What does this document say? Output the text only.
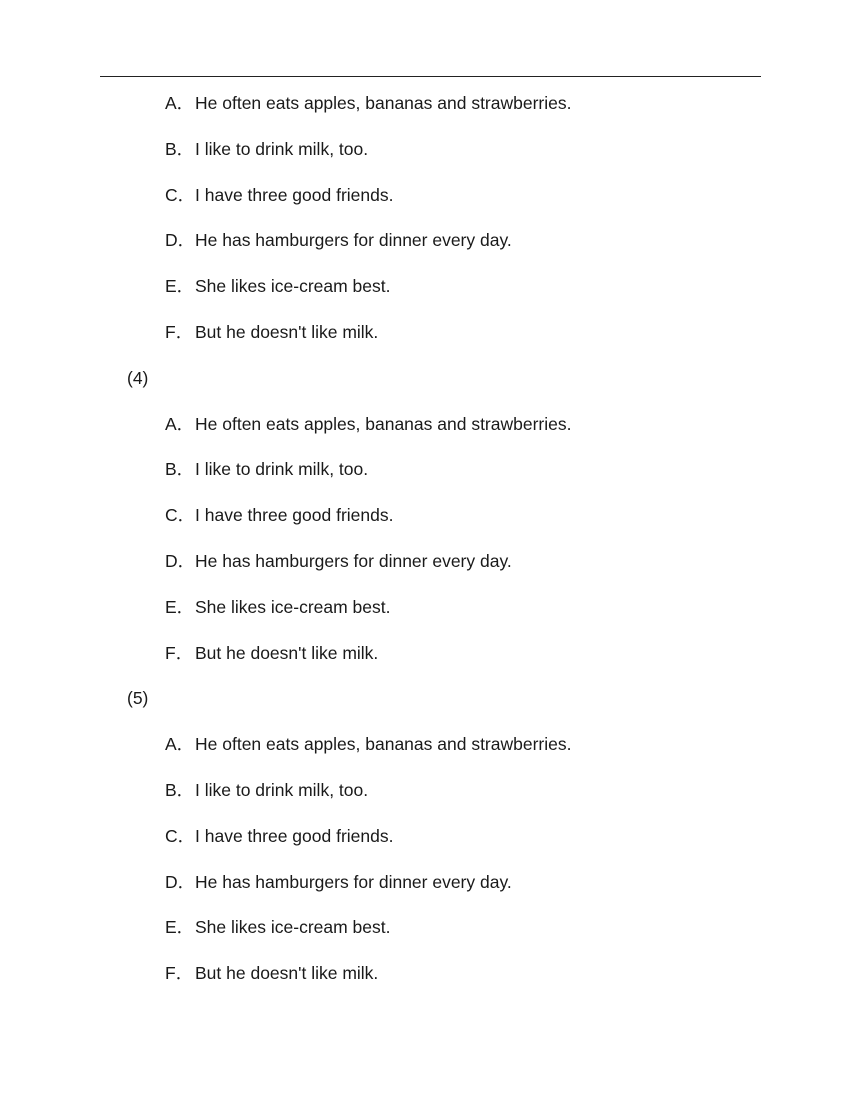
A． He often eats apples, bananas and strawberries.
B． I like to drink milk, too.
C． I have three good friends.
D． He has hamburgers for dinner every day.
E． She likes ice-cream best.
F． But he doesn't like milk.
(4)
A． He often eats apples, bananas and strawberries.
B． I like to drink milk, too.
C． I have three good friends.
D． He has hamburgers for dinner every day.
E． She likes ice-cream best.
F． But he doesn't like milk.
(5)
A． He often eats apples, bananas and strawberries.
B． I like to drink milk, too.
C． I have three good friends.
D． He has hamburgers for dinner every day.
E． She likes ice-cream best.
F． But he doesn't like milk.
